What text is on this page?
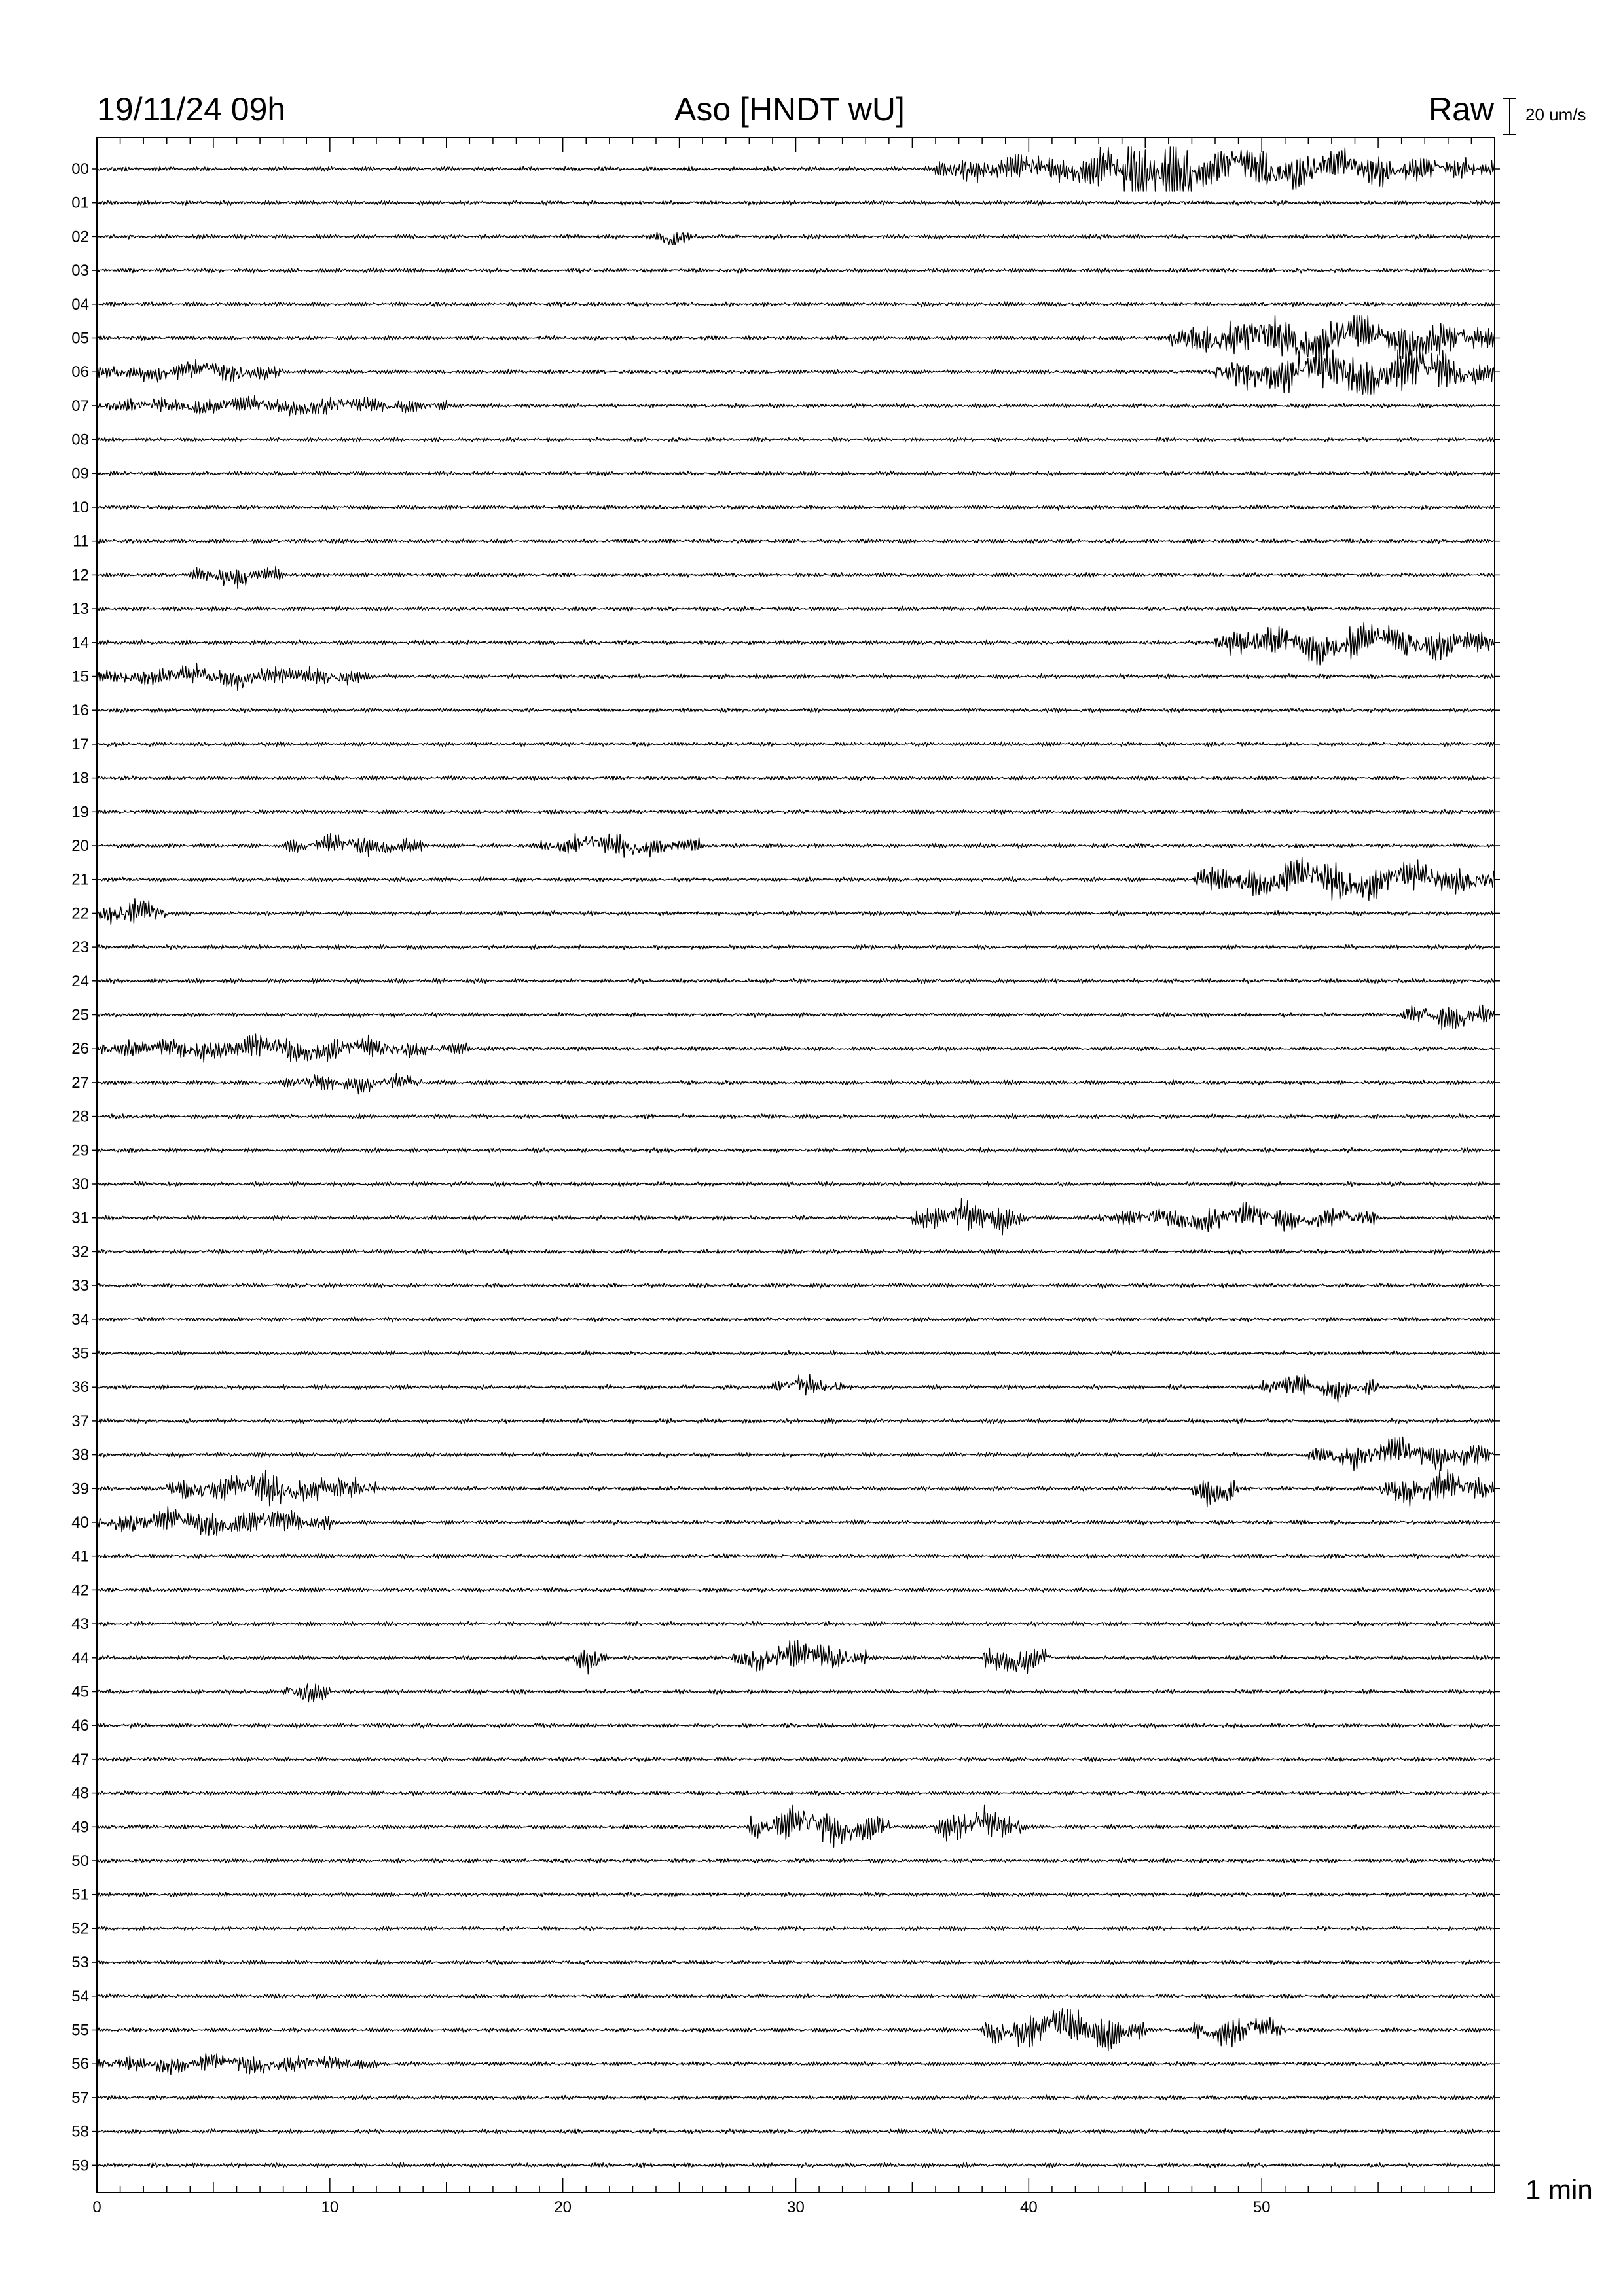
0	10	20	30	40	50
00
01
02
03
04
05
06
07
08
09
10
11
12
13
14
15
16
17
18
19
20
21
22
23
24
25
26
27
28
29
30
31
32
33
34
35
36
37
38
39
40
41
42
43
44
45
46
47
48
49
50
51
52
53
54
55
56
57
58
59
19/11/24 09h	Aso [HNDT wU]	Raw 20 um/s
1 min
